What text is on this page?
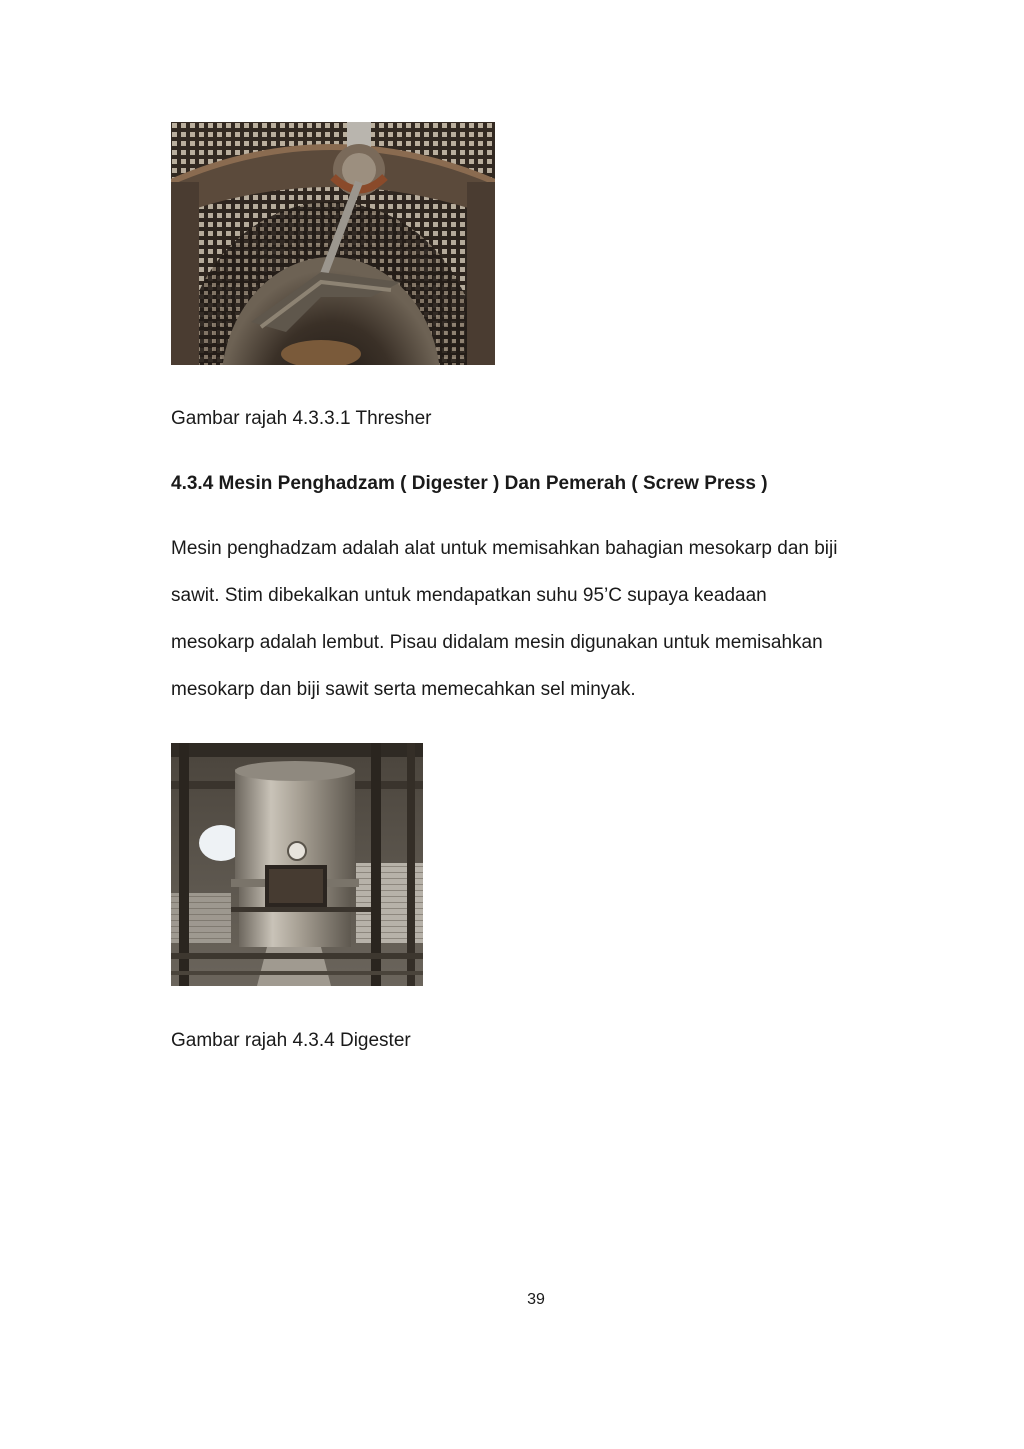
Gambar rajah 4.3.3.1 Thresher
4.3.4 Mesin Penghadzam ( Digester ) Dan Pemerah ( Screw Press )
Mesin penghadzam adalah alat untuk memisahkan bahagian mesokarp dan biji
sawit. Stim dibekalkan untuk mendapatkan suhu 95’C supaya keadaan
mesokarp adalah lembut. Pisau didalam mesin digunakan untuk memisahkan
mesokarp dan biji sawit serta memecahkan sel minyak.
Gambar rajah 4.3.4 Digester
39
